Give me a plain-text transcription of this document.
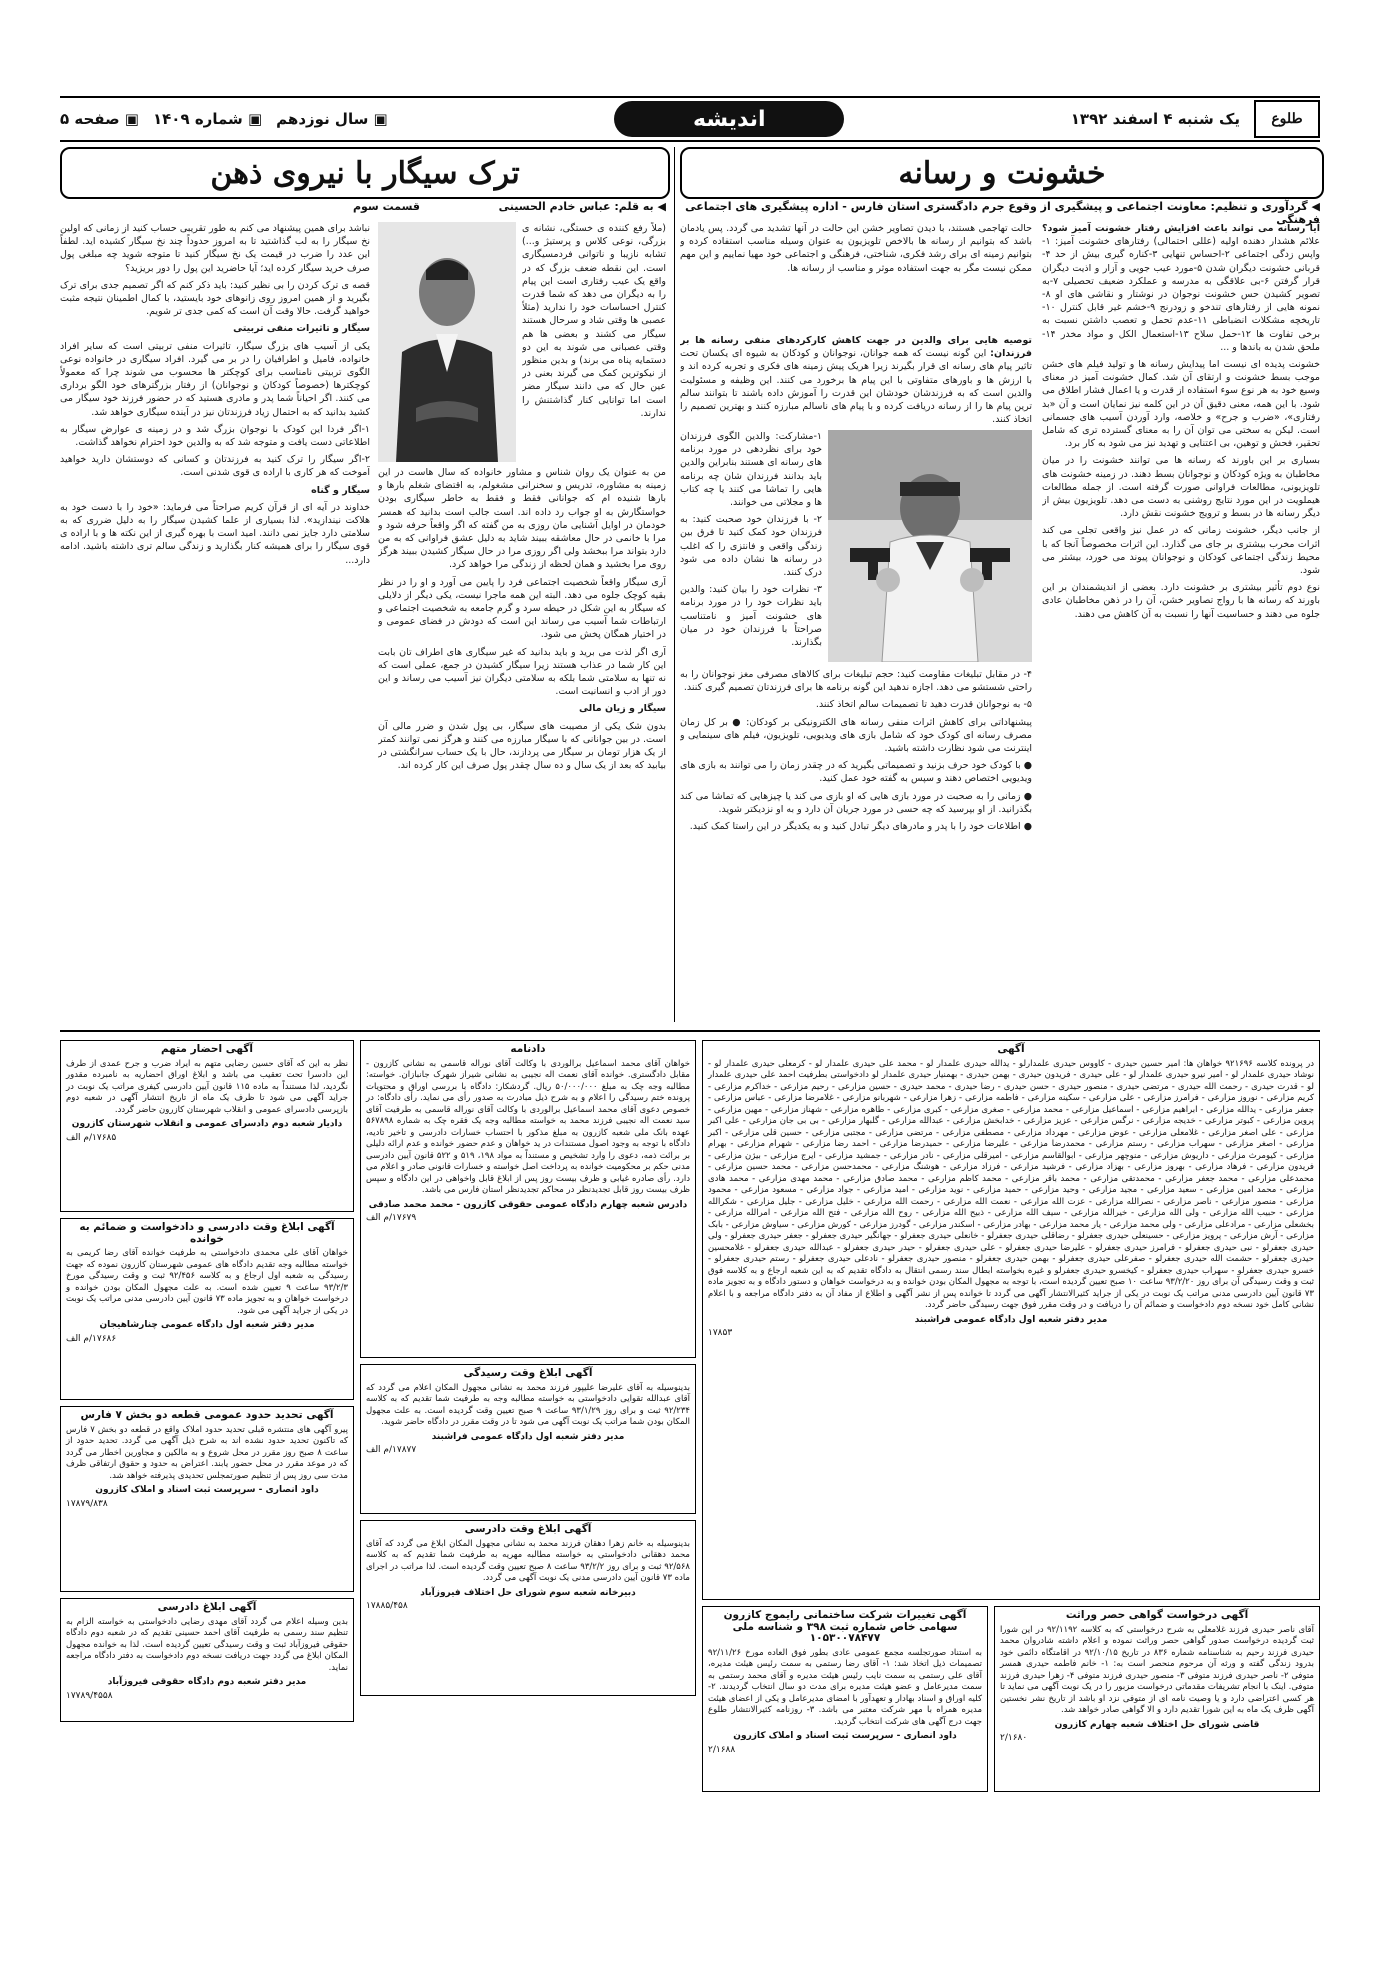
طلوع
یک شنبه ۴ اسفند ۱۳۹۲
اندیشه
▣ سال نوزدهم
▣ شماره ۱۴۰۹
▣ صفحه ۵
خشونت و رسانه
◀ گردآوری و تنظیم: معاونت اجتماعی و پیشگیری از وقوع جرم دادگستری استان فارس - اداره پیشگیری های اجتماعی فرهنگی

آیا رسانه می تواند باعث افزایش رفتار خشونت آمیز شود؟ علائم هشدار دهنده اولیه (عللی احتمالی) رفتارهای خشونت آمیز: ۱-واپس زدگی اجتماعی ۲-احساس تنهایی ۳-کناره گیری بیش از حد ۴-قربانی خشونت دیگران شدن ۵-مورد عیب جویی و آزار و اذیت دیگران قرار گرفتن ۶-بی علاقگی به مدرسه و عملکرد ضعیف تحصیلی ۷-به تصویر کشیدن حس خشونت نوجوان در نوشتار و نقاشی های او ۸-نمونه هایی از رفتارهای تندخو و زودرنج ۹-خشم غیر قابل کنترل ۱۰-تاریخچه مشکلات انضباطی ۱۱-عدم تحمل و تعصب داشتن نسبت به برخی تفاوت ها ۱۲-حمل سلاح ۱۳-استعمال الکل و مواد مخدر ۱۴-ملحق شدن به باندها و ...

خشونت پدیده ای نیست اما پیدایش رسانه ها و تولید فیلم های خشن موجب بسط خشونت و ارتقای آن شد. کمال خشونت آمیز در معنای وسیع خود به هر نوع سوء استفاده از قدرت و یا اعمال فشار اطلاق می شود. با این همه، معنی دقیق آن در این کلمه نیز نمایان است و آن «بد رفتاری»، «ضرب و جرح» و خلاصه، وارد آوردن آسیب های جسمانی است. لیکن به سختی می توان آن را به معنای گسترده تری که شامل تحقیر، فحش و توهین، بی اعتنایی و تهدید نیز می شود به کار برد.

بسیاری بر این باورند که رسانه ها می توانند خشونت را در میان مخاطبان به ویژه کودکان و نوجوانان بسط دهند. در زمینه خشونت های تلویزیونی، مطالعات فراوانی صورت گرفته است. از جمله مطالعات هیملویت در این مورد نتایج روشنی به دست می دهد. تلویزیون بیش از دیگر رسانه ها در بسط و ترویج خشونت نقش دارد.

از جانب دیگر، خشونت زمانی که در عمل نیز واقعی تجلی می کند اثرات مخرب بیشتری بر جای می گذارد. این اثرات مخصوصاً آنجا که با محیط زندگی اجتماعی کودکان و نوجوانان پیوند می خورد، بیشتر می شود.

نوع دوم تأثیر بیشتری بر خشونت دارد. بعضی از اندیشمندان بر این باورند که رسانه ها با رواج تصاویر خشن، آن را در ذهن مخاطبان عادی جلوه می دهند و حساسیت آنها را نسبت به آن کاهش می دهند.

حالت تهاجمی هستند، با دیدن تصاویر خشن این حالت در آنها تشدید می گردد. پس یادمان باشد که بتوانیم از رسانه ها بالاخص تلویزیون به عنوان وسیله مناسب استفاده کرده و بتوانیم زمینه ای برای رشد فکری، شناختی، فرهنگی و اجتماعی خود مهیا نماییم و این مهم ممکن نیست مگر به جهت استفاده موثر و مناسب از رسانه ها.

توصیه هایی برای والدین در جهت کاهش کارکردهای منفی رسانه ها بر فرزندان: این گونه نیست که همه جوانان، نوجوانان و کودکان به شیوه ای یکسان تحت تاثیر پیام های رسانه ای قرار بگیرند زیرا هریک پیش زمینه های فکری و تجربه کرده اند و با ارزش ها و باورهای متفاوتی با این پیام ها برخورد می کنند. این وظیفه و مسئولیت والدین است که به فرزندشان خودشان این قدرت را آموزش داده باشند تا بتوانند سالم ترین پیام ها را از رسانه دریافت کرده و با پیام های ناسالم مبارزه کنند و بهترین تصمیم را اتخاذ کنند.

۱-مشارکت: والدین الگوی فرزندان خود برای نظردهی در مورد برنامه های رسانه ای هستند بنابراین والدین باید بدانند فرزندان شان چه برنامه هایی را تماشا می کنند یا چه کتاب ها و مجلاتی می خوانند.

۲- با فرزندان خود صحبت کنید: به فرزندان خود کمک کنید تا فرق بین زندگی واقعی و فانتزی را که اغلب در رسانه ها نشان داده می شود درک کنند.

۳- نظرات خود را بیان کنید: والدین باید نظرات خود را در مورد برنامه های خشونت آمیز و نامتناسب صراحتاً با فرزندان خود در میان بگذارند.

۴- در مقابل تبلیغات مقاومت کنید: حجم تبلیغات برای کالاهای مصرفی مغز نوجوانان را به راحتی شستشو می دهد. اجازه ندهید این گونه برنامه ها برای فرزندتان تصمیم گیری کنند.

۵- به نوجوانان قدرت دهید تا تصمیمات سالم اتخاذ کنند.

پیشنهاداتی برای کاهش اثرات منفی رسانه های الکترونیکی بر کودکان: ● بر کل زمان مصرف رسانه ای کودک خود که شامل بازی های ویدیویی، تلویزیون، فیلم های سینمایی و اینترنت می شود نظارت داشته باشید.

● با کودک خود حرف بزنید و تصمیماتی بگیرید که در چقدر زمان را می توانند به بازی های ویدیویی اختصاص دهند و سپس به گفته خود عمل کنید.

● زمانی را به صحبت در مورد بازی هایی که او بازی می کند یا چیزهایی که تماشا می کند بگذرانید. از او بپرسید که چه حسی در مورد جریان آن دارد و به او نزدیکتر شوید.

● اطلاعات خود را با پدر و مادرهای دیگر تبادل کنید و به یکدیگر در این راستا کمک کنید.

ترک سیگار با نیروی ذهن
◀ به قلم: عباس خادم الحسینی
قسمت سوم

(ملاً رفع کننده ی خستگی، نشانه ی بزرگی، نوعی کلاس و پرستیژ و...) تشابه نازیبا و ناتوانی فردمسیگاری است. این نقطه ضعف بزرگ که در واقع یک عیب رفتاری است این پیام را به دیگران می دهد که شما قدرت کنترل احساسات خود را ندارید (مثلاً عصبی ها وقتی شاد و سرحال هستند سیگار می کشند و بعضی ها هم وقتی عصبانی می شوند به این دو دستمایه پناه می برند) و بدین منظور از نیکوترین کمک می گیرند بعنی در عین حال که می دانند سیگار مضر است اما توانایی کنار گذاشتنش را ندارند.

من به عنوان یک روان شناس و مشاور خانواده که سال هاست در این زمینه به مشاوره، تدریس و سخنرانی مشغولم، به اقتضای شغلم بارها و بارها شنیده ام که جوانانی فقط و فقط به خاطر سیگاری بودن خواستگارش به او جواب رد داده اند. است جالب است بدانید که همسر خودمان در اوایل آشنایی مان روزی به من گفته که اگر واقعاً حرفه شود و مرا با خانمی در حال معاشقه ببیند شاید به دلیل عشق فراوانی که به من دارد بتواند مرا ببخشد ولی اگر روزی مرا در حال سیگار کشیدن ببیند هرگز روی مرا بخشید و همان لحظه از زندگی مرا خواهد کرد.

آری سیگار واقعاً شخصیت اجتماعی فرد را پایین می آورد و او را در نظر بقیه کوچک جلوه می دهد. البته این همه ماجرا نیست، یکی دیگر از دلایلی که سیگار به این شکل در حیطه سرد و گرم جامعه به شخصیت اجتماعی و ارتباطات شما آسیب می رساند این است که دودش در فضای عمومی و در اختیار همگان پخش می شود.

آری اگر لذت می برید و باید بدانید که غیر سیگاری های اطراف تان بابت این کار شما در عذاب هستند زیرا سیگار کشیدن در جمع، عملی است که نه تنها به سلامتی شما بلکه به سلامتی دیگران نیز آسیب می رساند و این دور از ادب و انسانیت است.

سیگار و زیان مالی

بدون شک یکی از مصیبت های سیگار، بی پول شدن و ضرر مالی آن است. در بین جوانانی که با سیگار مبارزه می کنند و هرگز نمی توانند کمتر از یک هزار تومان بر سیگار می پردازند، حال با یک حساب سرانگشتی در بیابید که بعد از یک سال و ده سال چقدر پول صرف این کار کرده اند.

نباشد برای همین پیشنهاد می کنم به طور تقریبی حساب کنید از زمانی که اولین نخ سیگار را به لب گذاشتید تا به امروز حدوداً چند نخ سیگار کشیده اید. لطفاً این عدد را ضرب در قیمت یک نخ سیگار کنید تا متوجه شوید چه مبلغی پول صرف خرید سیگار کرده اید؛ آیا حاضرید این پول را دور بریزید؟

قصه ی ترک کردن را بی نظیر کنید: باید ذکر کنم که اگر تصمیم جدی برای ترک بگیرید و از همین امروز روی زانوهای خود بایستید، با کمال اطمینان نتیجه مثبت خواهید گرفت. حالا وقت آن است که کمی جدی تر شویم.

سیگار و تاثیرات منفی تربیتی

یکی از آسیب های بزرگ سیگار، تاثیرات منفی تربیتی است که سایر افراد خانواده، فامیل و اطرافیان را در بر می گیرد. افراد سیگاری در خانواده نوعی الگوی تربیتی نامناسب برای کوچکتر ها محسوب می شوند چرا که معمولاً کوچکترها (خصوصاً کودکان و نوجوانان) از رفتار بزرگترهای خود الگو برداری می کنند. اگر احیاناً شما پدر و مادری هستید که در حضور فرزند خود سیگار می کشید بدانید که به احتمال زیاد فرزندتان نیز در آینده سیگاری خواهد شد.

۱-اگر فردا این کودک با نوجوان بزرگ شد و در زمینه ی عوارض سیگار به اطلاعاتی دست یافت و متوجه شد که به والدین خود احترام نخواهد گذاشت.

۲-اگر سیگار را ترک کنید به فرزندتان و کسانی که دوستشان دارید خواهید آموخت که هر کاری با اراده ی قوی شدنی است.

سیگار و گناه

خداوند در آیه ای از قرآن کریم صراحتاً می فرماید: «خود را با دست خود به هلاکت نیندازید». لذا بسیاری از علما کشیدن سیگار را به دلیل ضرری که به سلامتی دارد جایز نمی دانند. امید است با بهره گیری از این نکته ها و با اراده ی قوی سیگار را برای همیشه کنار بگذارید و زندگی سالم تری داشته باشید. ادامه دارد...

آگهی
در پرونده کلاسه ۹۲۱۶۹۶ خواهان ها: امیر حسین حیدری - کاووس حیدری علمدارلو - یدالله حیدری علمدار لو - محمد علی حیدری علمدار لو - کرمعلی حیدری علمدار لو - نوشاد حیدری علمدار لو - امیر نیرو حیدری علمدار لو - علی حیدری - فریدون حیدری - بهمن حیدری - بهمنیار حیدری علمدار لو دادخواستی بطرفیت احمد علی حیدری علمدار لو - قدرت حیدری - رحمت الله حیدری - مرتضی حیدری - منصور حیدری - حسن حیدری - رضا حیدری - محمد حیدری - حسین مزارعی - رحیم مزارعی - خداکرم مزارعی - کریم مزارعی - نوروز مزارعی - فرامرز مزارعی - علی مزارعی - سکینه مزارعی - فاطمه مزارعی - زهرا مزارعی - شهربانو مزارعی - غلامرضا مزارعی - عباس مزارعی - جعفر مزارعی - یدالله مزارعی - ابراهیم مزارعی - اسماعیل مزارعی - محمد مزارعی - صغری مزارعی - کبری مزارعی - طاهره مزارعی - شهناز مزارعی - مهین مزارعی - پروین مزارعی - کبوتر مزارعی - خدیجه مزارعی - نرگس مزارعی - عزیز مزارعی - خدابخش مزارعی - عبدالله مزارعی - گلبهار مزارعی - بی بی جان مزارعی - علی اکبر مزارعی - علی اصغر مزارعی - غلامعلی مزارعی - عوض مزارعی - مهرداد مزارعی - مصطفی مزارعی - مرتضی مزارعی - مجتبی مزارعی - حسین قلی مزارعی - اکبر مزارعی - اصغر مزارعی - سهراب مزارعی - رستم مزارعی - محمدرضا مزارعی - علیرضا مزارعی - حمیدرضا مزارعی - احمد رضا مزارعی - شهرام مزارعی - بهرام مزارعی - کیومرث مزارعی - داریوش مزارعی - منوچهر مزارعی - ابوالقاسم مزارعی - امیرقلی مزارعی - نادر مزارعی - جمشید مزارعی - ایرج مزارعی - بیژن مزارعی - فریدون مزارعی - فرهاد مزارعی - بهروز مزارعی - بهزاد مزارعی - فرشید مزارعی - فرزاد مزارعی - هوشنگ مزارعی - محمدحسن مزارعی - محمد حسین مزارعی - محمدعلی مزارعی - محمد جعفر مزارعی - محمدتقی مزارعی - محمد باقر مزارعی - محمد کاظم مزارعی - محمد صادق مزارعی - محمد مهدی مزارعی - محمد هادی مزارعی - محمد امین مزارعی - سعید مزارعی - مجید مزارعی - وحید مزارعی - حمید مزارعی - نوید مزارعی - امید مزارعی - جواد مزارعی - مسعود مزارعی - محمود مزارعی - منصور مزارعی - ناصر مزارعی - نصرالله مزارعی - عزت الله مزارعی - نعمت الله مزارعی - رحمت الله مزارعی - خلیل مزارعی - جلیل مزارعی - شکرالله مزارعی - حبیب الله مزارعی - ولی الله مزارعی - خیرالله مزارعی - سیف الله مزارعی - ذبیح الله مزارعی - روح الله مزارعی - فتح الله مزارعی - امرالله مزارعی - بخشعلی مزارعی - مرادعلی مزارعی - ولی محمد مزارعی - یار محمد مزارعی - بهادر مزارعی - اسکندر مزارعی - گودرز مزارعی - کورش مزارعی - سیاوش مزارعی - بابک مزارعی - آرش مزارعی - پرویز مزارعی - حسینعلی حیدری جعفرلو - رضاقلی حیدری جعفرلو - خانعلی حیدری جعفرلو - جهانگیر حیدری جعفرلو - جعفر حیدری جعفرلو - ولی حیدری جعفرلو - نبی حیدری جعفرلو - فرامرز حیدری جعفرلو - علیرضا حیدری جعفرلو - علی حیدری جعفرلو - حیدر حیدری جعفرلو - عبدالله حیدری جعفرلو - غلامحسین حیدری جعفرلو - حشمت الله حیدری جعفرلو - صفرعلی حیدری جعفرلو - بهمن حیدری جعفرلو - منصور حیدری جعفرلو - نادعلی حیدری جعفرلو - رستم حیدری جعفرلو - خسرو حیدری جعفرلو - سهراب حیدری جعفرلو - کیخسرو حیدری جعفرلو و غیره بخواسته ابطال سند رسمی انتقال به دادگاه تقدیم که به این شعبه ارجاع و به کلاسه فوق ثبت و وقت رسیدگی آن برای روز ۹۳/۲/۲۰ ساعت ۱۰ صبح تعیین گردیده است، با توجه به مجهول المکان بودن خوانده و به درخواست خواهان و دستور دادگاه و به تجویز ماده ۷۳ قانون آیین دادرسی مدنی مراتب یک نوبت در یکی از جراید کثیرالانتشار آگهی می گردد تا خوانده پس از نشر آگهی و اطلاع از مفاد آن به دفتر دادگاه مراجعه و با اعلام نشانی کامل خود نسخه دوم دادخواست و ضمائم آن را دریافت و در وقت مقرر فوق جهت رسیدگی حاضر گردد.
مدیر دفتر شعبه اول دادگاه عمومی فراشبند
۱۷۸۵۳
دادنامه
خواهان آقای محمد اسماعیل برالوردی با وکالت آقای نوراله قاسمی به نشانی کازرون - مقابل دادگستری. خوانده آقای نعمت اله نجیبی به نشانی شیراز شهرک جانبازان. خواسته: مطالبه وجه چک به مبلغ ۵۰/۰۰۰/۰۰۰ ریال. گردشکار: دادگاه با بررسی اوراق و محتویات پرونده ختم رسیدگی را اعلام و به شرح ذیل مبادرت به صدور رأی می نماید. رأی دادگاه: در خصوص دعوی آقای محمد اسماعیل برالوردی با وکالت آقای نوراله قاسمی به طرفیت آقای سید نعمت اله نجیبی فرزند محمد به خواسته مطالبه وجه یک فقره چک به شماره ۵۶۷۸۹۸ عهده بانک ملی شعبه کازرون به مبلغ مذکور با احتساب خسارات دادرسی و تاخیر تادیه، دادگاه با توجه به وجود اصول مستندات در ید خواهان و عدم حضور خوانده و عدم ارائه دلیلی بر برائت ذمه، دعوی را وارد تشخیص و مستنداً به مواد ۱۹۸، ۵۱۹ و ۵۲۲ قانون آیین دادرسی مدنی حکم بر محکومیت خوانده به پرداخت اصل خواسته و خسارات قانونی صادر و اعلام می دارد. رأی صادره غیابی و ظرف بیست روز پس از ابلاغ قابل واخواهی در این دادگاه و سپس ظرف بیست روز قابل تجدیدنظر در محاکم تجدیدنظر استان فارس می باشد.
دادرس شعبه چهارم دادگاه عمومی حقوقی کازرون - محمد محمد صادقی
۱۷۶۷۹/م الف
آگهی ابلاغ وقت رسیدگی
بدینوسیله به آقای علیرضا علیپور فرزند محمد به نشانی مجهول المکان اعلام می گردد که آقای عبدالله تقوایی دادخواستی به خواسته مطالبه وجه به طرفیت شما تقدیم که به کلاسه ۹۲/۲۳۴ ثبت و برای روز ۹۳/۱/۲۹ ساعت ۹ صبح تعیین وقت گردیده است. به علت مجهول المکان بودن شما مراتب یک نوبت آگهی می شود تا در وقت مقرر در دادگاه حاضر شوید.
مدیر دفتر شعبه اول دادگاه عمومی فراشبند
۱۷۸۷۷/م الف
آگهی ابلاغ وقت دادرسی
بدینوسیله به خانم زهرا دهقان فرزند محمد به نشانی مجهول المکان ابلاغ می گردد که آقای محمد دهقانی دادخواستی به خواسته مطالبه مهریه به طرفیت شما تقدیم که به کلاسه ۹۲/۵۶۸ ثبت و برای روز ۹۳/۲/۲ ساعت ۸ صبح تعیین وقت گردیده است. لذا مراتب در اجرای ماده ۷۳ قانون آیین دادرسی مدنی یک نوبت آگهی می گردد.
دبیرخانه شعبه سوم شورای حل اختلاف فیروزآباد
۱۷۸۸۵/۴۵۸
آگهی احضار متهم
نظر به این که آقای حسین رضایی متهم به ایراد ضرب و جرح عمدی از طرف این دادسرا تحت تعقیب می باشد و ابلاغ اوراق احضاریه به نامبرده مقدور نگردید، لذا مستنداً به ماده ۱۱۵ قانون آیین دادرسی کیفری مراتب یک نوبت در جراید آگهی می شود تا ظرف یک ماه از تاریخ انتشار آگهی در شعبه دوم بازپرسی دادسرای عمومی و انقلاب شهرستان کازرون حاضر گردد.
دادیار شعبه دوم دادسرای عمومی و انقلاب شهرستان کازرون
۱۷۶۸۵/م الف
آگهی ابلاغ وقت دادرسی و دادخواست و ضمائم به خوانده
خواهان آقای علی محمدی دادخواستی به طرفیت خوانده آقای رضا کریمی به خواسته مطالبه وجه تقدیم دادگاه های عمومی شهرستان کازرون نموده که جهت رسیدگی به شعبه اول ارجاع و به کلاسه ۹۲/۴۵۶ ثبت و وقت رسیدگی مورخ ۹۳/۲/۳ ساعت ۹ تعیین شده است. به علت مجهول المکان بودن خوانده و درخواست خواهان و به تجویز ماده ۷۳ قانون آیین دادرسی مدنی مراتب یک نوبت در یکی از جراید آگهی می شود.
مدیر دفتر شعبه اول دادگاه عمومی چنارشاهیجان
۱۷۶۸۶/م الف
آگهی تحدید حدود عمومی قطعه دو بخش ۷ فارس
پیرو آگهی های منتشره قبلی تحدید حدود املاک واقع در قطعه دو بخش ۷ فارس که تاکنون تحدید حدود نشده اند به شرح ذیل آگهی می گردد. تحدید حدود از ساعت ۸ صبح روز مقرر در محل شروع و به مالکین و مجاورین اخطار می گردد که در موعد مقرر در محل حضور یابند. اعتراض به حدود و حقوق ارتفاقی ظرف مدت سی روز پس از تنظیم صورتمجلس تحدیدی پذیرفته خواهد شد.
داود انصاری - سرپرست ثبت اسناد و املاک کازرون
۱۷۸۷۹/۸۳۸
آگهی ابلاغ دادرسی
بدین وسیله اعلام می گردد آقای مهدی رضایی دادخواستی به خواسته الزام به تنظیم سند رسمی به طرفیت آقای احمد حسینی تقدیم که در شعبه دوم دادگاه حقوقی فیروزآباد ثبت و وقت رسیدگی تعیین گردیده است. لذا به خوانده مجهول المکان ابلاغ می گردد جهت دریافت نسخه دوم دادخواست به دفتر دادگاه مراجعه نماید.
مدیر دفتر شعبه دوم دادگاه حقوقی فیروزآباد
۱۷۷۸۹/۴۵۵۸
آگهی تغییرات شرکت ساختمانی رایموج کازرون سهامی خاص شماره ثبت ۳۹۸ و شناسه ملی ۱۰۵۳۰۰۷۸۴۷۷
به استناد صورتجلسه مجمع عمومی عادی بطور فوق العاده مورخ ۹۲/۱۱/۲۶ تصمیمات ذیل اتخاذ شد: ۱- آقای رضا رستمی به سمت رئیس هیئت مدیره، آقای علی رستمی به سمت نایب رئیس هیئت مدیره و آقای محمد رستمی به سمت مدیرعامل و عضو هیئت مدیره برای مدت دو سال انتخاب گردیدند. ۲- کلیه اوراق و اسناد بهادار و تعهدآور با امضای مدیرعامل و یکی از اعضای هیئت مدیره همراه با مهر شرکت معتبر می باشد. ۳- روزنامه کثیرالانتشار طلوع جهت درج آگهی های شرکت انتخاب گردید.
داود انصاری - سرپرست ثبت اسناد و املاک کازرون
۲/۱۶۸۸
آگهی درخواست گواهی حصر وراثت
آقای ناصر حیدری فرزند غلامعلی به شرح درخواستی که به کلاسه ۹۲/۱۱۹۲ در این شورا ثبت گردیده درخواست صدور گواهی حصر وراثت نموده و اعلام داشته شادروان محمد حیدری فرزند رحیم به شناسنامه شماره ۸۳۶ در تاریخ ۹۲/۱۰/۱۵ در اقامتگاه دائمی خود بدرود زندگی گفته و ورثه آن مرحوم منحصر است به: ۱- خانم فاطمه حیدری همسر متوفی ۲- ناصر حیدری فرزند متوفی ۳- منصور حیدری فرزند متوفی ۴- زهرا حیدری فرزند متوفی. اینک با انجام تشریفات مقدماتی درخواست مزبور را در یک نوبت آگهی می نماید تا هر کسی اعتراضی دارد و یا وصیت نامه ای از متوفی نزد او باشد از تاریخ نشر نخستین آگهی ظرف یک ماه به این شورا تقدیم دارد و الا گواهی صادر خواهد شد.
قاضی شورای حل اختلاف شعبه چهارم کازرون
۲/۱۶۸۰
